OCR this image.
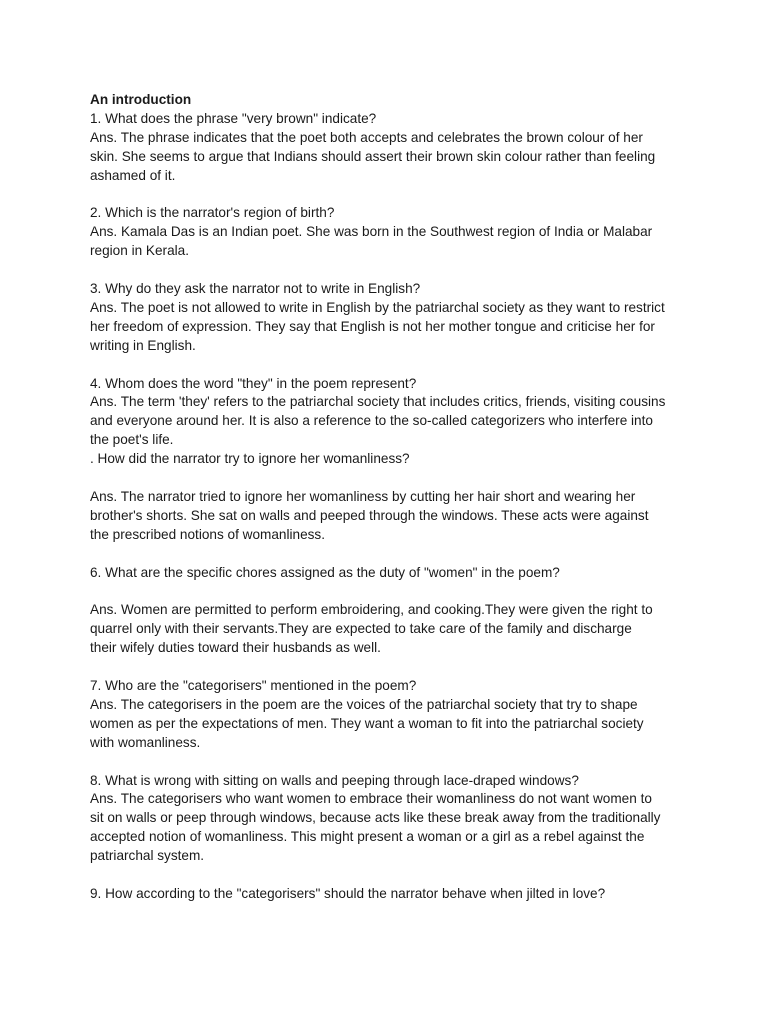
An introduction
1. What does the phrase "very brown" indicate?
Ans. The phrase indicates that the poet both accepts and celebrates the brown colour of her
skin. She seems to argue that Indians should assert their brown skin colour rather than feeling
ashamed of it.
2. Which is the narrator's region of birth?
Ans. Kamala Das is an Indian poet. She was born in the Southwest region of India or Malabar
region in Kerala.
3. Why do they ask the narrator not to write in English?
Ans. The poet is not allowed to write in English by the patriarchal society as they want to restrict
her freedom of expression. They say that English is not her mother tongue and criticise her for
writing in English.
4. Whom does the word "they" in the poem represent?
Ans. The term 'they' refers to the patriarchal society that includes critics, friends, visiting cousins
and everyone around her. It is also a reference to the so-called categorizers who interfere into
the poet's life.
. How did the narrator try to ignore her womanliness?
Ans. The narrator tried to ignore her womanliness by cutting her hair short and wearing her
brother's shorts. She sat on walls and peeped through the windows. These acts were against
the prescribed notions of womanliness.
6. What are the specific chores assigned as the duty of "women" in the poem?
Ans. Women are permitted to perform embroidering, and cooking.They were given the right to
quarrel only with their servants.They are expected to take care of the family and discharge
their wifely duties toward their husbands as well.
7. Who are the "categorisers" mentioned in the poem?
Ans. The categorisers in the poem are the voices of the patriarchal society that try to shape
women as per the expectations of men. They want a woman to fit into the patriarchal society
with womanliness.
8. What is wrong with sitting on walls and peeping through lace-draped windows?
Ans. The categorisers who want women to embrace their womanliness do not want women to
sit on walls or peep through windows, because acts like these break away from the traditionally
accepted notion of womanliness. This might present a woman or a girl as a rebel against the
patriarchal system.
9. How according to the "categorisers" should the narrator behave when jilted in love?
